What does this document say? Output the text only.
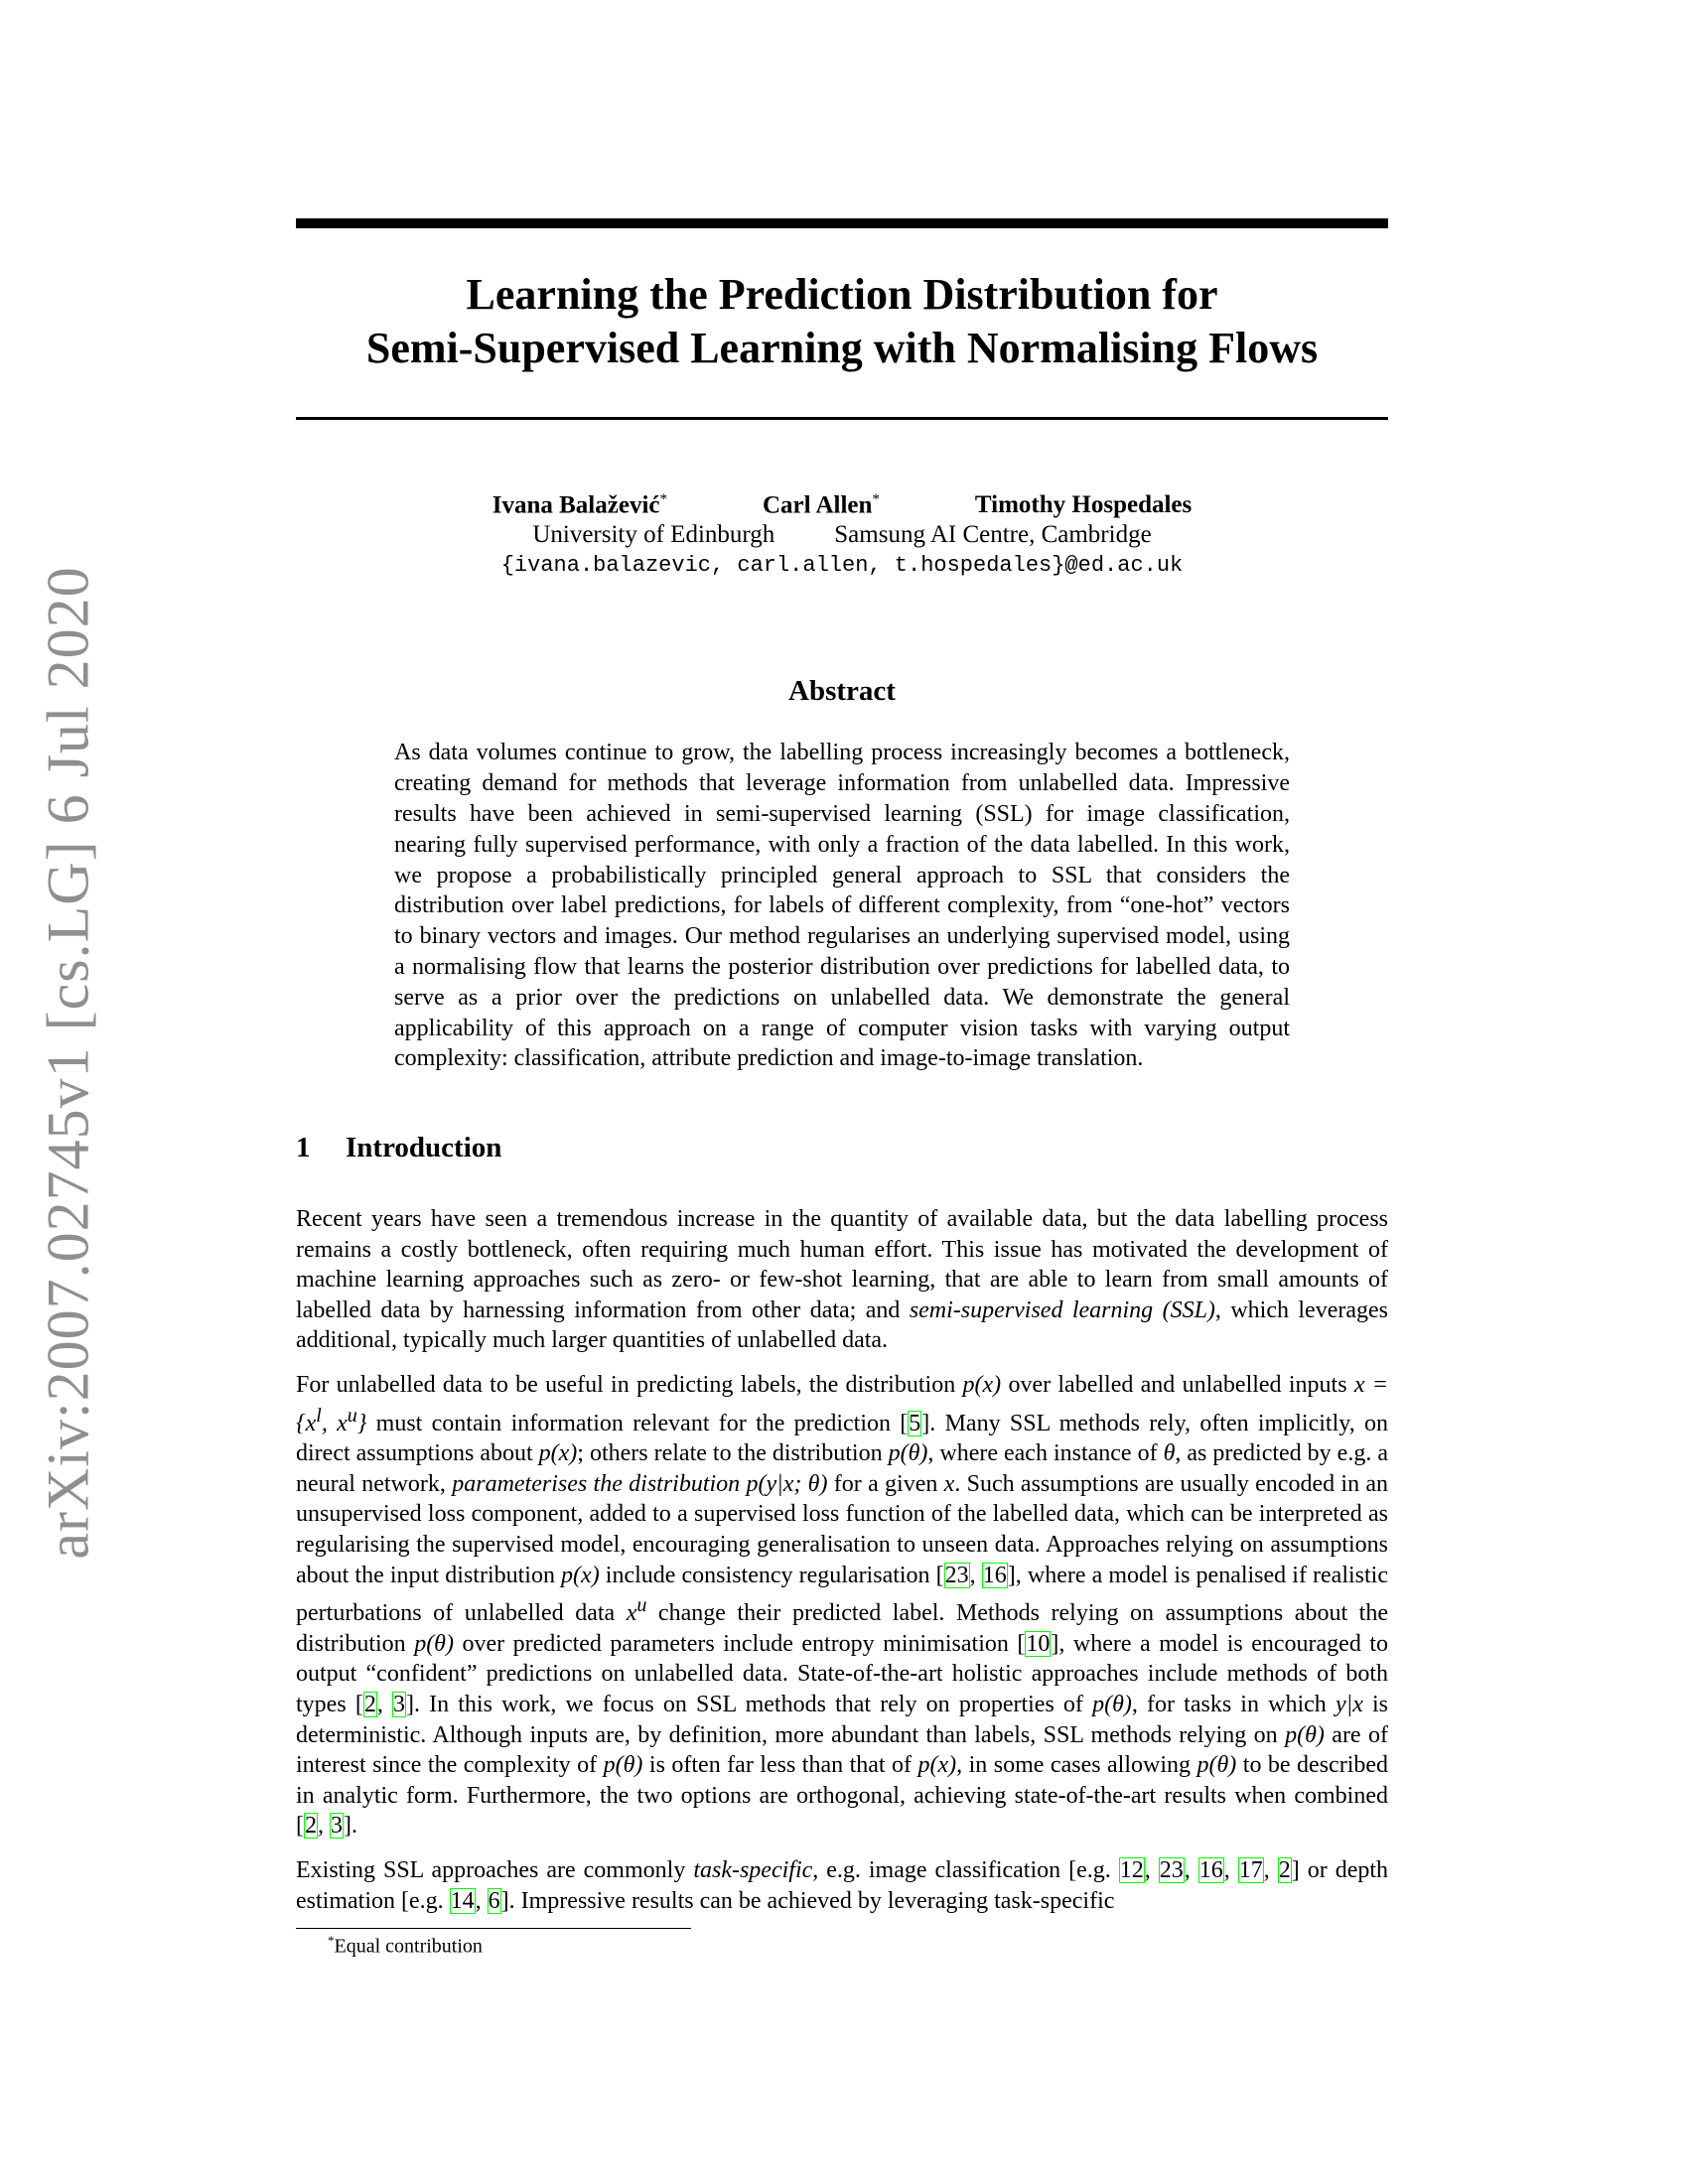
arXiv:2007.02745v1 [cs.LG] 6 Jul 2020
Learning the Prediction Distribution for
Semi-Supervised Learning with Normalising Flows
Ivana Balažević*	Carl Allen*	Timothy Hospedales
University of Edinburgh Samsung AI Centre, Cambridge
{ivana.balazevic, carl.allen, t.hospedales}@ed.ac.uk
Abstract

As data volumes continue to grow, the labelling process increasingly becomes a bottleneck, creating demand for methods that leverage information from unlabelled data. Impressive results have been achieved in semi-supervised learning (SSL) for image classification, nearing fully supervised performance, with only a fraction of the data labelled. In this work, we propose a probabilistically principled general approach to SSL that considers the distribution over label predictions, for labels of different complexity, from “one-hot” vectors to binary vectors and images. Our method regularises an underlying supervised model, using a normalising flow that learns the posterior distribution over predictions for labelled data, to serve as a prior over the predictions on unlabelled data. We demonstrate the general applicability of this approach on a range of computer vision tasks with varying output complexity: classification, attribute prediction and image-to-image translation.

1 Introduction

Recent years have seen a tremendous increase in the quantity of available data, but the data labelling process remains a costly bottleneck, often requiring much human effort. This issue has motivated the development of machine learning approaches such as zero- or few-shot learning, that are able to learn from small amounts of labelled data by harnessing information from other data; and semi-supervised learning (SSL), which leverages additional, typically much larger quantities of unlabelled data.

For unlabelled data to be useful in predicting labels, the distribution p(x) over labelled and unlabelled inputs $x = \{x^l$, $x^u$} must contain information relevant for the prediction [5]. Many SSL methods rely, often implicitly, on direct assumptions about p(x); others relate to the distribution p(θ), where each instance of θ, as predicted by e.g. a neural network, parameterises the distribution p(y|x; θ) for a given x. Such assumptions are usually encoded in an unsupervised loss component, added to a supervised loss function of the labelled data, which can be interpreted as regularising the supervised model, encouraging generalisation to unseen data. Approaches relying on assumptions about the input distribution p(x) include consistency regularisation [23, 16], where a model is penalised if realistic perturbations of unlabelled data $x^u$ change their predicted label. Methods relying on assumptions about the distribution p(θ) over predicted parameters include entropy minimisation [10], where a model is encouraged to output “confident” predictions on unlabelled data. State-of-the-art holistic approaches include methods of both types [2, 3]. In this work, we focus on SSL methods that rely on properties of p(θ), for tasks in which y|x is deterministic. Although inputs are, by definition, more abundant than labels, SSL methods relying on p(θ) are of interest since the complexity of p(θ) is often far less than that of p(x), in some cases allowing p(θ) to be described in analytic form. Furthermore, the two options are orthogonal, achieving state-of-the-art results when combined [2, 3].

Existing SSL approaches are commonly task-specific, e.g. image classification [e.g. 12, 23, 16, 17, 2] or depth estimation [e.g. 14, 6]. Impressive results can be achieved by leveraging task-specific

*Equal contribution
